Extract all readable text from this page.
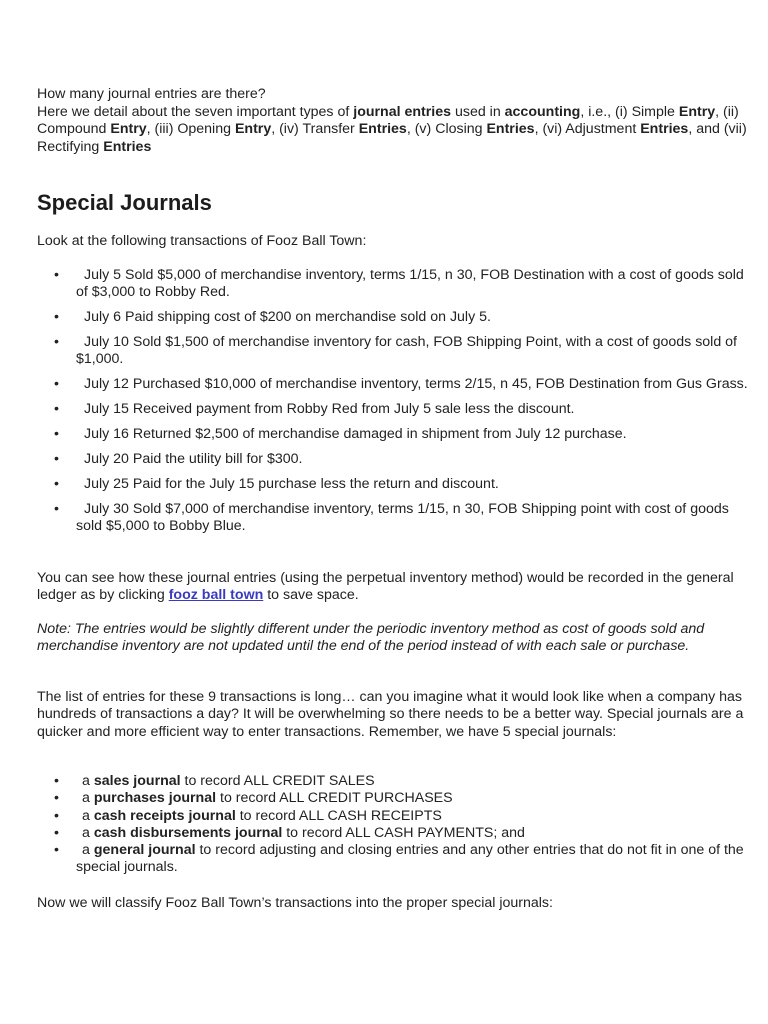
How many journal entries are there?

Here we detail about the seven important types of journal entries used in accounting, i.e., (i) Simple Entry, (ii) Compound Entry, (iii) Opening Entry, (iv) Transfer Entries, (v) Closing Entries, (vi) Adjustment Entries, and (vii) Rectifying Entries

Special Journals

Look at the following transactions of Fooz Ball Town:

• July 5 Sold $5,000 of merchandise inventory, terms 1/15, n 30, FOB Destination with a cost of goods sold of $3,000 to Robby Red.
• July 6 Paid shipping cost of $200 on merchandise sold on July 5.
• July 10 Sold $1,500 of merchandise inventory for cash, FOB Shipping Point, with a cost of goods sold of $1,000.
• July 12 Purchased $10,000 of merchandise inventory, terms 2/15, n 45, FOB Destination from Gus Grass.
• July 15 Received payment from Robby Red from July 5 sale less the discount.
• July 16 Returned $2,500 of merchandise damaged in shipment from July 12 purchase.
• July 20 Paid the utility bill for $300.
• July 25 Paid for the July 15 purchase less the return and discount.
• July 30 Sold $7,000 of merchandise inventory, terms 1/15, n 30, FOB Shipping point with cost of goods sold $5,000 to Bobby Blue.

You can see how these journal entries (using the perpetual inventory method) would be recorded in the general ledger as by clicking fooz ball town to save space.

Note: The entries would be slightly different under the periodic inventory method as cost of goods sold and merchandise inventory are not updated until the end of the period instead of with each sale or purchase.

The list of entries for these 9 transactions is long… can you imagine what it would look like when a company has hundreds of transactions a day? It will be overwhelming so there needs to be a better way. Special journals are a quicker and more efficient way to enter transactions. Remember, we have 5 special journals:

• a sales journal to record ALL CREDIT SALES
• a purchases journal to record ALL CREDIT PURCHASES
• a cash receipts journal to record ALL CASH RECEIPTS
• a cash disbursements journal to record ALL CASH PAYMENTS; and
• a general journal to record adjusting and closing entries and any other entries that do not fit in one of the special journals.

Now we will classify Fooz Ball Town’s transactions into the proper special journals:
